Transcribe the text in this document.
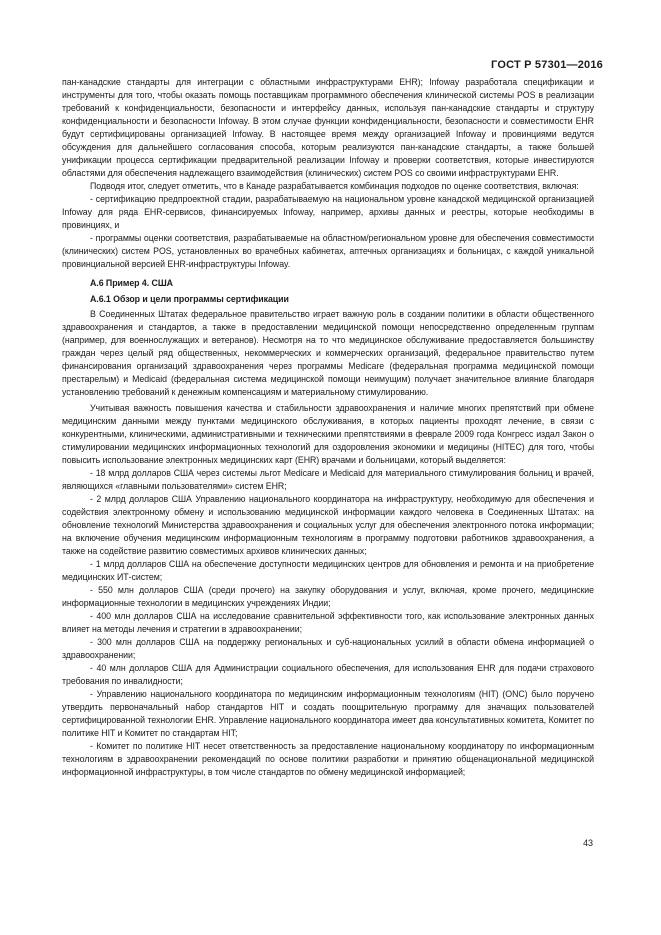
ГОСТ Р 57301—2016

пан-канадские стандарты для интеграции с областными инфраструктурами EHR); Infoway разработала спецификации и инструменты для того, чтобы оказать помощь поставщикам программного обеспечения клинической системы POS в реализации требований к конфиденциальности, безопасности и интерфейсу данных, используя пан-канадские стандарты и структуру конфиденциальности и безопасности Infoway. В этом случае функции конфиденциальности, безопасности и совместимости EHR будут сертифицированы организацией Infoway. В настоящее время между организацией Infoway и провинциями ведутся обсуждения для дальнейшего согласования способа, которым реализуются пан-канадские стандарты, а также большей унификации процесса сертификации предварительной реализации Infoway и проверки соответствия, которые инвестируются областями для обеспечения надлежащего взаимодействия (клинических) систем POS со своими инфраструктурами EHR.

Подводя итог, следует отметить, что в Канаде разрабатывается комбинация подходов по оценке соответствия, включая:

- сертификацию предпроектной стадии, разрабатываемую на национальном уровне канадской медицинской организацией Infoway для ряда EHR-сервисов, финансируемых Infoway, например, архивы данных и реестры, которые необходимы в провинциях, и

- программы оценки соответствия, разрабатываемые на областном/региональном уровне для обеспечения совместимости (клинических) систем POS, установленных во врачебных кабинетах, аптечных организациях и больницах, с каждой уникальной провинциальной версией EHR-инфраструктуры Infoway.

А.6 Пример 4. США

А.6.1 Обзор и цели программы сертификации

В Соединенных Штатах федеральное правительство играет важную роль в создании политики в области общественного здравоохранения и стандартов, а также в предоставлении медицинской помощи непосредственно определенным группам (например, для военнослужащих и ветеранов). Несмотря на то что медицинское обслуживание предоставляется большинству граждан через целый ряд общественных, некоммерческих и коммерческих организаций, федеральное правительство путем финансирования организаций здравоохранения через программы Medicare (федеральная программа медицинской помощи престарелым) и Medicaid (федеральная система медицинской помощи неимущим) получает значительное влияние благодаря установлению требований к денежным компенсациям и материальному стимулированию.

Учитывая важность повышения качества и стабильности здравоохранения и наличие многих препятствий при обмене медицинским данными между пунктами медицинского обслуживания, в которых пациенты проходят лечение, в связи с конкурентными, клиническими, административными и техническими препятствиями в феврале 2009 года Конгресс издал Закон о стимулировании медицинских информационных технологий для оздоровления экономики и медицины (HITEC) для того, чтобы повысить использование электронных медицинских карт (EHR) врачами и больницами, который выделяется:

- 18 млрд долларов США через системы льгот Medicare и Medicaid для материального стимулирования больниц и врачей, являющихся «главными пользователями» систем EHR;

- 2 млрд долларов США Управлению национального координатора на инфраструктуру, необходимую для обеспечения и содействия электронному обмену и использованию медицинской информации каждого человека в Соединенных Штатах: на обновление технологий Министерства здравоохранения и социальных услуг для обеспечения электронного потока информации; на включение обучения медицинским информационным технологиям в программу подготовки работников здравоохранения, а также на содействие развитию совместимых архивов клинических данных;

- 1 млрд долларов США на обеспечение доступности медицинских центров для обновления и ремонта и на приобретение медицинских ИТ-систем;

- 550 млн долларов США (среди прочего) на закупку оборудования и услуг, включая, кроме прочего, медицинские информационные технологии в медицинских учреждениях Индии;

- 400 млн долларов США на исследование сравнительной эффективности того, как использование электронных данных влияет на методы лечения и стратегии в здравоохранении;

- 300 млн долларов США на поддержку региональных и суб-национальных усилий в области обмена информацией о здравоохранении;

- 40 млн долларов США для Администрации социального обеспечения, для использования EHR для подачи страхового требования по инвалидности;

- Управлению национального координатора по медицинским информационным технологиям (HIT) (ONC) было поручено утвердить первоначальный набор стандартов HIT и создать поощрительную программу для значащих пользователей сертифицированной технологии EHR. Управление национального координатора имеет два консультативных комитета, Комитет по политике HIT и Комитет по стандартам HIT;

- Комитет по политике HIT несет ответственность за предоставление национальному координатору по информационным технологиям в здравоохранении рекомендаций по основе политики разработки и принятию общенациональной медицинской информационной инфраструктуры, в том числе стандартов по обмену медицинской информацией;

43
